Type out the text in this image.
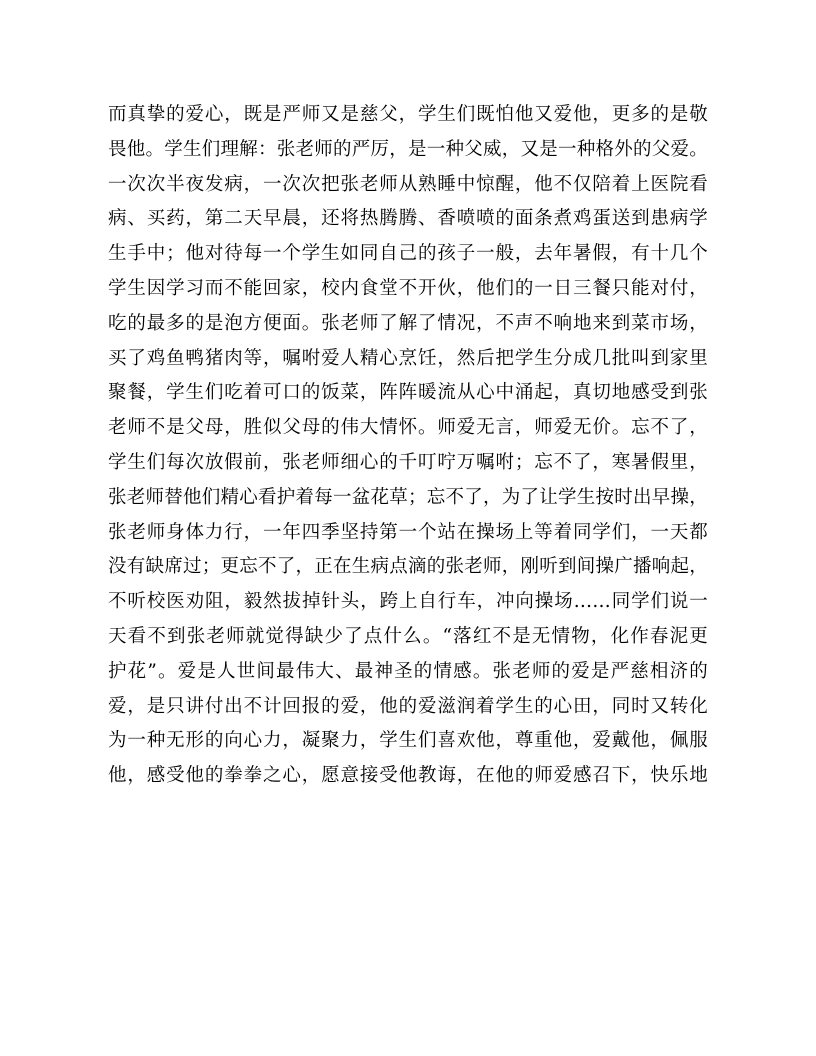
而真挚的爱心，既是严师又是慈父，学生们既怕他又爱他，更多的是敬
畏他。学生们理解：张老师的严厉，是一种父威，又是一种格外的父爱。
一次次半夜发病，一次次把张老师从熟睡中惊醒，他不仅陪着上医院看
病、买药，第二天早晨，还将热腾腾、香喷喷的面条煮鸡蛋送到患病学
生手中；他对待每一个学生如同自己的孩子一般，去年暑假，有十几个
学生因学习而不能回家，校内食堂不开伙，他们的一日三餐只能对付，
吃的最多的是泡方便面。张老师了解了情况，不声不响地来到菜市场，
买了鸡鱼鸭猪肉等，嘱咐爱人精心烹饪，然后把学生分成几批叫到家里
聚餐，学生们吃着可口的饭菜，阵阵暖流从心中涌起，真切地感受到张
老师不是父母，胜似父母的伟大情怀。师爱无言，师爱无价。忘不了，
学生们每次放假前，张老师细心的千叮咛万嘱咐；忘不了，寒暑假里，
张老师替他们精心看护着每一盆花草；忘不了，为了让学生按时出早操，
张老师身体力行，一年四季坚持第一个站在操场上等着同学们，一天都
没有缺席过；更忘不了，正在生病点滴的张老师，刚听到间操广播响起，
不听校医劝阻，毅然拔掉针头，跨上自行车，冲向操场……同学们说一
天看不到张老师就觉得缺少了点什么。“落红不是无情物，化作春泥更
护花”。爱是人世间最伟大、最神圣的情感。张老师的爱是严慈相济的
爱，是只讲付出不计回报的爱，他的爱滋润着学生的心田，同时又转化
为一种无形的向心力，凝聚力，学生们喜欢他，尊重他，爱戴他，佩服
他，感受他的拳拳之心，愿意接受他教诲，在他的师爱感召下，快乐地
